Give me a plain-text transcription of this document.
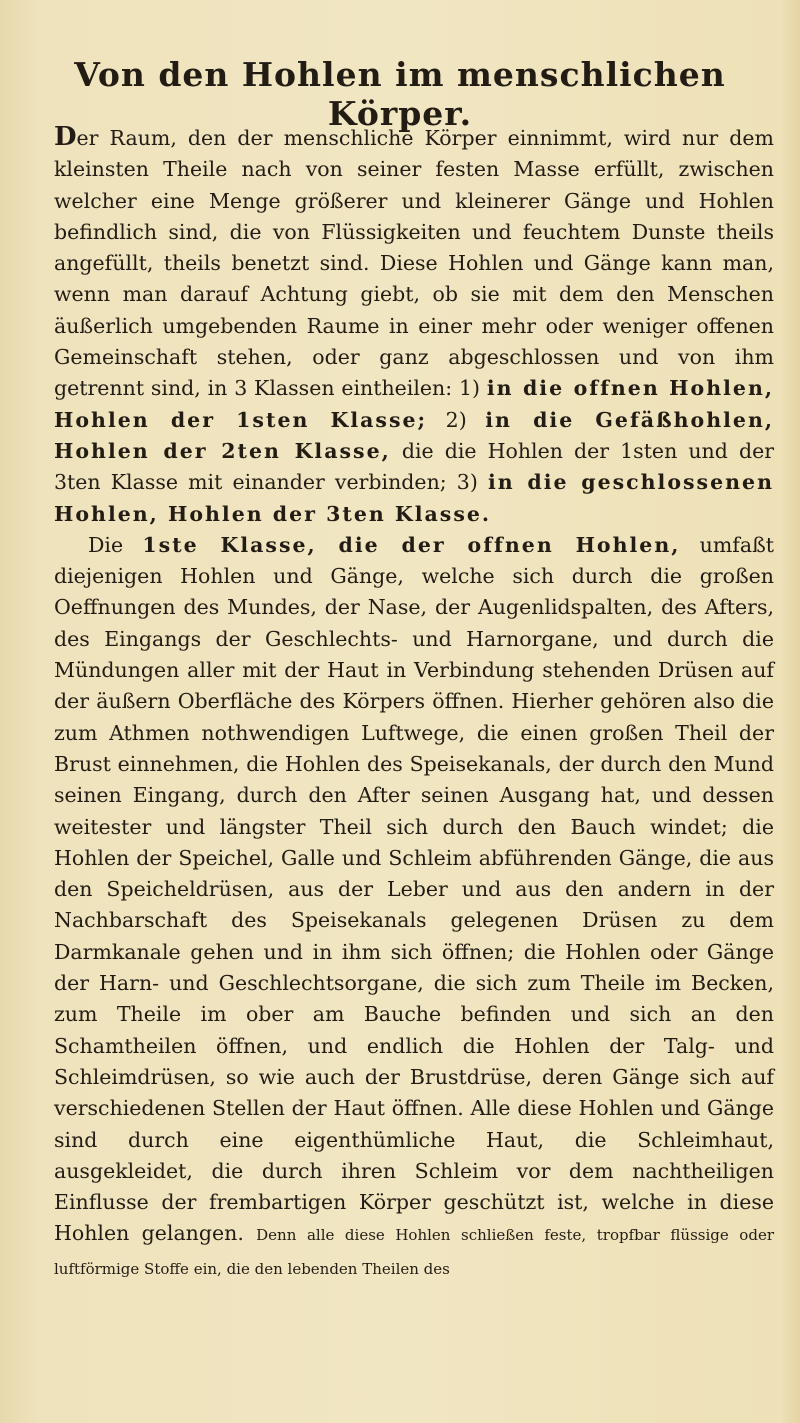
Von den Hohlen im menschlichen Körper.

Der Raum, den der menschliche Körper einnimmt, wird nur dem kleinsten Theile nach von seiner festen Masse erfüllt, zwischen welcher eine Menge größerer und kleinerer Gänge und Hohlen befindlich sind, die von Flüssigkeiten und feuchtem Dunste theils angefüllt, theils benetzt sind. Diese Hohlen und Gänge kann man, wenn man darauf Achtung giebt, ob sie mit dem den Menschen äußerlich umgebenden Raume in einer mehr oder weniger offenen Gemeinschaft stehen, oder ganz abgeschlossen und von ihm getrennt sind, in 3 Klassen eintheilen: 1) in die offnen Hohlen, Hohlen der 1sten Klasse; 2) in die Gefäßhohlen, Hohlen der 2ten Klasse, die die Hohlen der 1sten und der 3ten Klasse mit einander verbinden; 3) in die geschlossenen Hohlen, Hohlen der 3ten Klasse.

Die 1ste Klasse, die der offnen Hohlen, umfaßt diejenigen Hohlen und Gänge, welche sich durch die großen Oeffnungen des Mundes, der Nase, der Augenlidspalten, des Afters, des Eingangs der Geschlechts- und Harnorgane, und durch die Mündungen aller mit der Haut in Verbindung stehenden Drüsen auf der äußern Oberfläche des Körpers öffnen. Hierher gehören also die zum Athmen nothwendigen Luftwege, die einen großen Theil der Brust einnehmen, die Hohlen des Speisekanals, der durch den Mund seinen Eingang, durch den After seinen Ausgang hat, und dessen weitester und längster Theil sich durch den Bauch windet; die Hohlen der Speichel, Galle und Schleim abführenden Gänge, die aus den Speicheldrüsen, aus der Leber und aus den andern in der Nachbarschaft des Speisekanals gelegenen Drüsen zu dem Darmkanale gehen und in ihm sich öffnen; die Hohlen oder Gänge der Harn- und Geschlechtsorgane, die sich zum Theile im Becken, zum Theile im ober am Bauche befinden und sich an den Schamtheilen öffnen, und endlich die Hohlen der Talg- und Schleimdrüsen, so wie auch der Brustdrüse, deren Gänge sich auf verschiedenen Stellen der Haut öffnen. Alle diese Hohlen und Gänge sind durch eine eigenthümliche Haut, die Schleimhaut, ausgekleidet, die durch ihren Schleim vor dem nachtheiligen Einflusse der frembartigen Körper geschützt ist, welche in diese Hohlen gelangen. Denn alle diese Hohlen schließen feste, tropfbar flüssige oder luftförmige Stoffe ein, die den lebenden Theilen des
